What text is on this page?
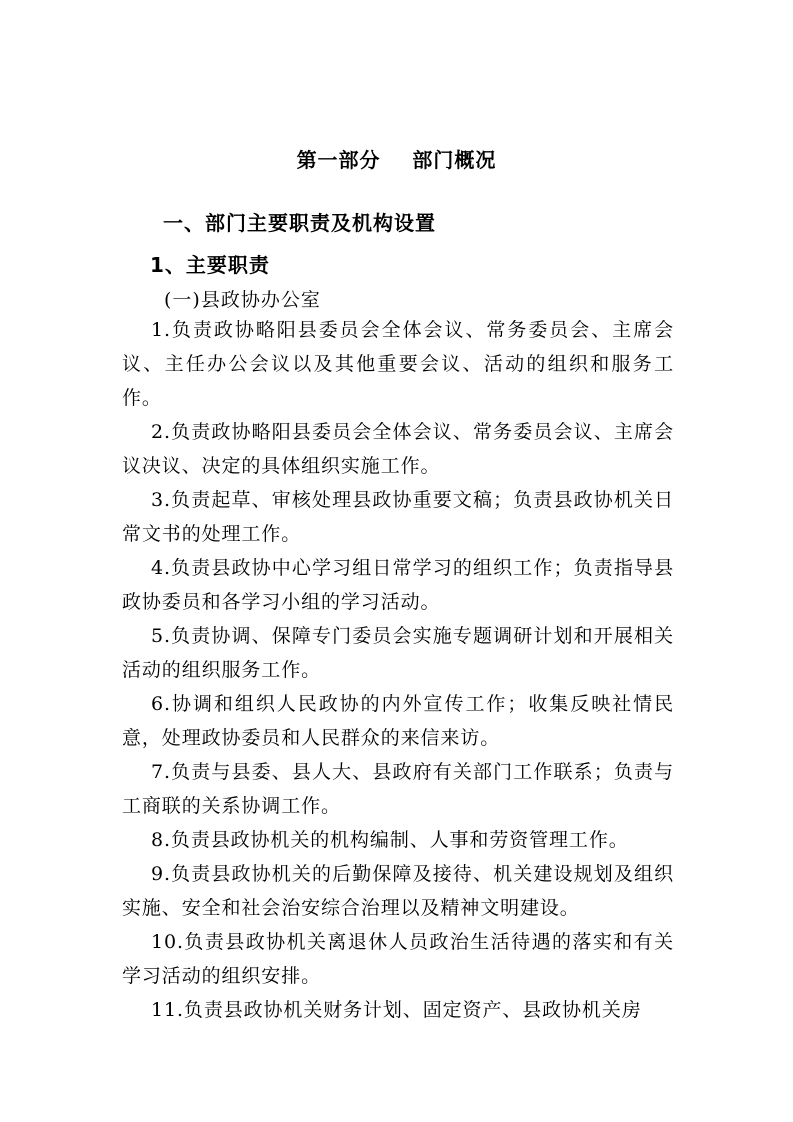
第一部分    部门概况
一、部门主要职责及机构设置
1、主要职责
(一)县政协办公室
1.负责政协略阳县委员会全体会议、常务委员会、主席会议、主任办公会议以及其他重要会议、活动的组织和服务工作。
2.负责政协略阳县委员会全体会议、常务委员会议、主席会议决议、决定的具体组织实施工作。
3.负责起草、审核处理县政协重要文稿；负责县政协机关日常文书的处理工作。
4.负责县政协中心学习组日常学习的组织工作；负责指导县政协委员和各学习小组的学习活动。
5.负责协调、保障专门委员会实施专题调研计划和开展相关活动的组织服务工作。
6.协调和组织人民政协的内外宣传工作；收集反映社情民意，处理政协委员和人民群众的来信来访。
7.负责与县委、县人大、县政府有关部门工作联系；负责与工商联的关系协调工作。
8.负责县政协机关的机构编制、人事和劳资管理工作。
9.负责县政协机关的后勤保障及接待、机关建设规划及组织实施、安全和社会治安综合治理以及精神文明建设。
10.负责县政协机关离退休人员政治生活待遇的落实和有关学习活动的组织安排。
11.负责县政协机关财务计划、固定资产、县政协机关房
